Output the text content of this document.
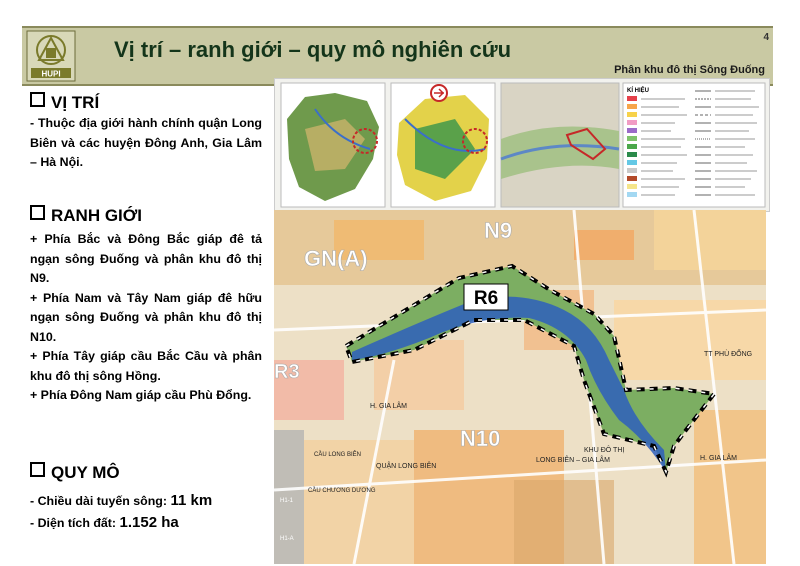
HUPI
Vị trí – ranh giới – quy mô nghiên cứu	4
Phân khu đô thị Sông Đuống
VỊ TRÍ

- Thuộc địa giới hành chính quận Long Biên và các huyện Đông Anh, Gia Lâm – Hà Nội.

RANH GIỚI

+ Phía Bắc và Đông Bắc giáp đê tả ngạn sông Đuống và phân khu đô thị N9.

+ Phía Nam và Tây Nam giáp đê hữu ngạn sông Đuống và phân khu đô thị N10.

+ Phía Tây giáp cầu Bắc Cầu và phân khu đô thị sông Hồng.

+ Phía Đông Nam giáp cầu Phù Đổng.

QUY MÔ
- Chiều dài tuyến sông: 11 km
- Diện tích đất: 1.152 ha
KÍ HIỆU
N9
GN(A)
R3
N10
R6
TT PHÙ ĐỔNG
H. GIA LÂM
H. GIA LÂM
KHU ĐÔ THỊ
LONG BIÊN – GIA LÂM
QUẬN LONG BIÊN
CẦU LONG BIÊN
CẦU CHƯƠNG DƯƠNG
H1-1
H1-A
